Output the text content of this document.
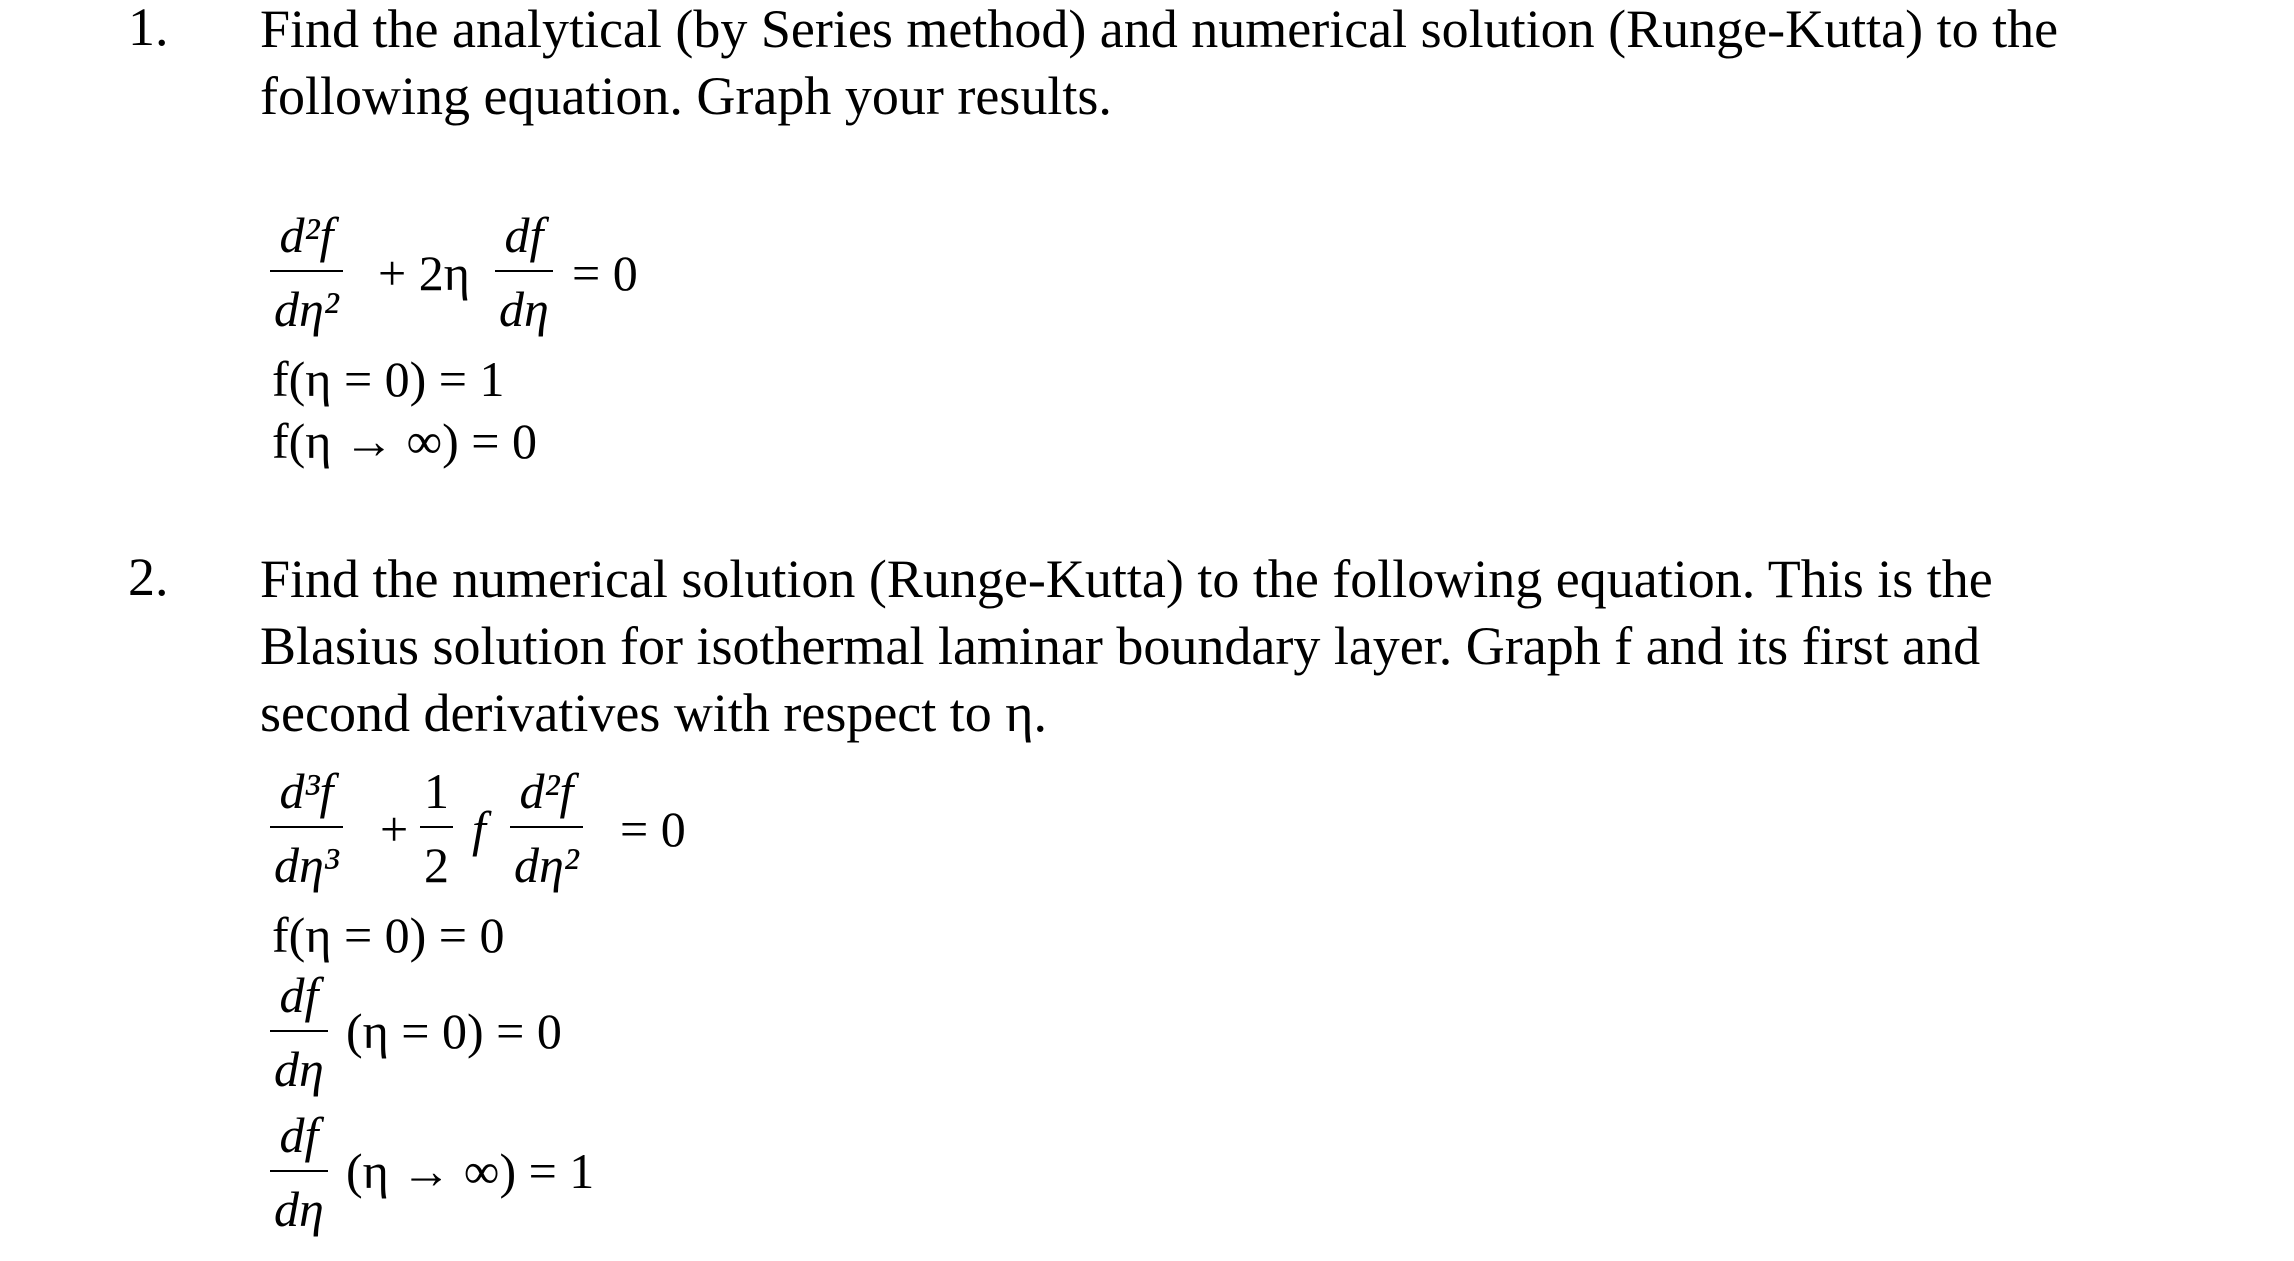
1. Find the analytical (by Series method) and numerical solution (Runge-Kutta) to the
following equation. Graph your results.
$\frac{\text{d²f}}{\text{dη²}} + 2\eta \frac{df}{d\eta} = 0$
f(η = 0) = 1
f(η → ∞) = 0
2. Find the numerical solution (Runge-Kutta) to the following equation. This is the
Blasius solution for isothermal laminar boundary layer. Graph f and its first and
second derivatives with respect to η.
$\frac{\text{d³f}}{\text{dη³}} + \frac{1}{2}$ f $\frac{\text{d²f}}{\text{dη²}} = 0$
f(η = 0) = 0
$\frac{df}{d\eta} (\eta = 0) = 0$
$\frac{df}{d\eta} (\eta$ → ∞) = 1
